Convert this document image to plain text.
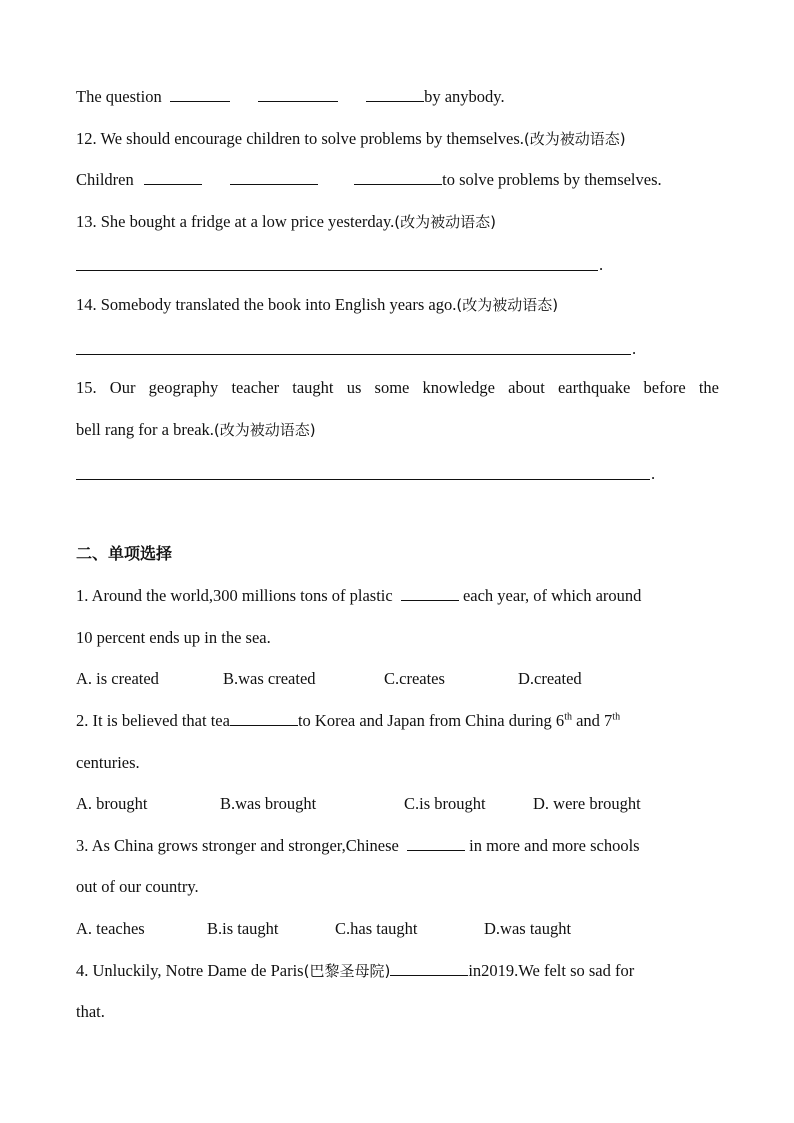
The question	by anybody.
12. We should encourage children to solve problems by themselves.(改为被动语态)
Children	to solve problems by themselves.
13. She bought a fridge at a low price yesterday.(改为被动语态)
.
14. Somebody translated the book into English years ago.(改为被动语态)
.
15. Our geography teacher taught us some knowledge about earthquake before the
bell rang for a break.(改为被动语态)
.
二、单项选择
1. Around the world,300 millions tons of plastic	each year, of which around
10 percent ends up in the sea.
A. is created	B.was created	C.creates	D.created
2. It is believed that tea	to Korea and Japan from China during 6th and 7th
centuries.
A. brought	B.was brought	C.is brought	D. were brought
3. As China grows stronger and stronger,Chinese	in more and more schools
out of our country.
A. teaches	B.is taught	C.has taught	D.was taught
4. Unluckily, Notre Dame de Paris(巴黎圣母院)	in2019.We felt so sad for
that.
